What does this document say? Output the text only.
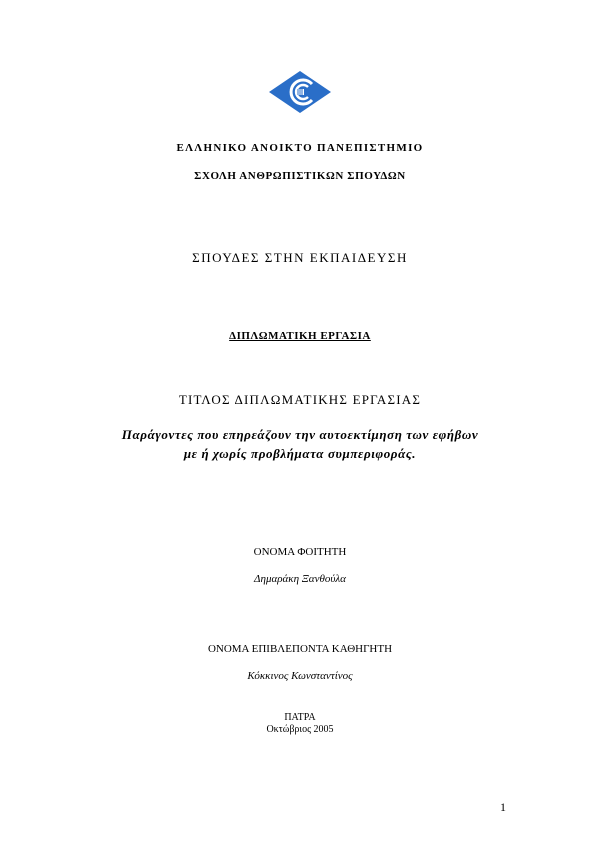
ΕΛΛΗΝΙΚΟ ΑΝΟΙΚΤΟ ΠΑΝΕΠΙΣΤΗΜΙΟ
ΣΧΟΛΗ ΑΝΘΡΩΠΙΣΤΙΚΩΝ ΣΠΟΥΔΩΝ
ΣΠΟΥΔΕΣ ΣΤΗΝ ΕΚΠΑΙΔΕΥΣΗ
ΔΙΠΛΩΜΑΤΙΚΗ ΕΡΓΑΣΙΑ
ΤΙΤΛΟΣ ΔΙΠΛΩΜΑΤΙΚΗΣ ΕΡΓΑΣΙΑΣ
Παράγοντες που επηρεάζουν την αυτοεκτίμηση των εφήβων
με ή χωρίς προβλήματα συμπεριφοράς.
ΟΝΟΜΑ ΦΟΙΤΗΤΗ
Δημαράκη Ξανθούλα
ΟΝΟΜΑ ΕΠΙΒΛΕΠΟΝΤΑ ΚΑΘΗΓΗΤΗ
Κόκκινος Κωνσταντίνος
ΠΑΤΡΑ
Οκτώβριος 2005
1
